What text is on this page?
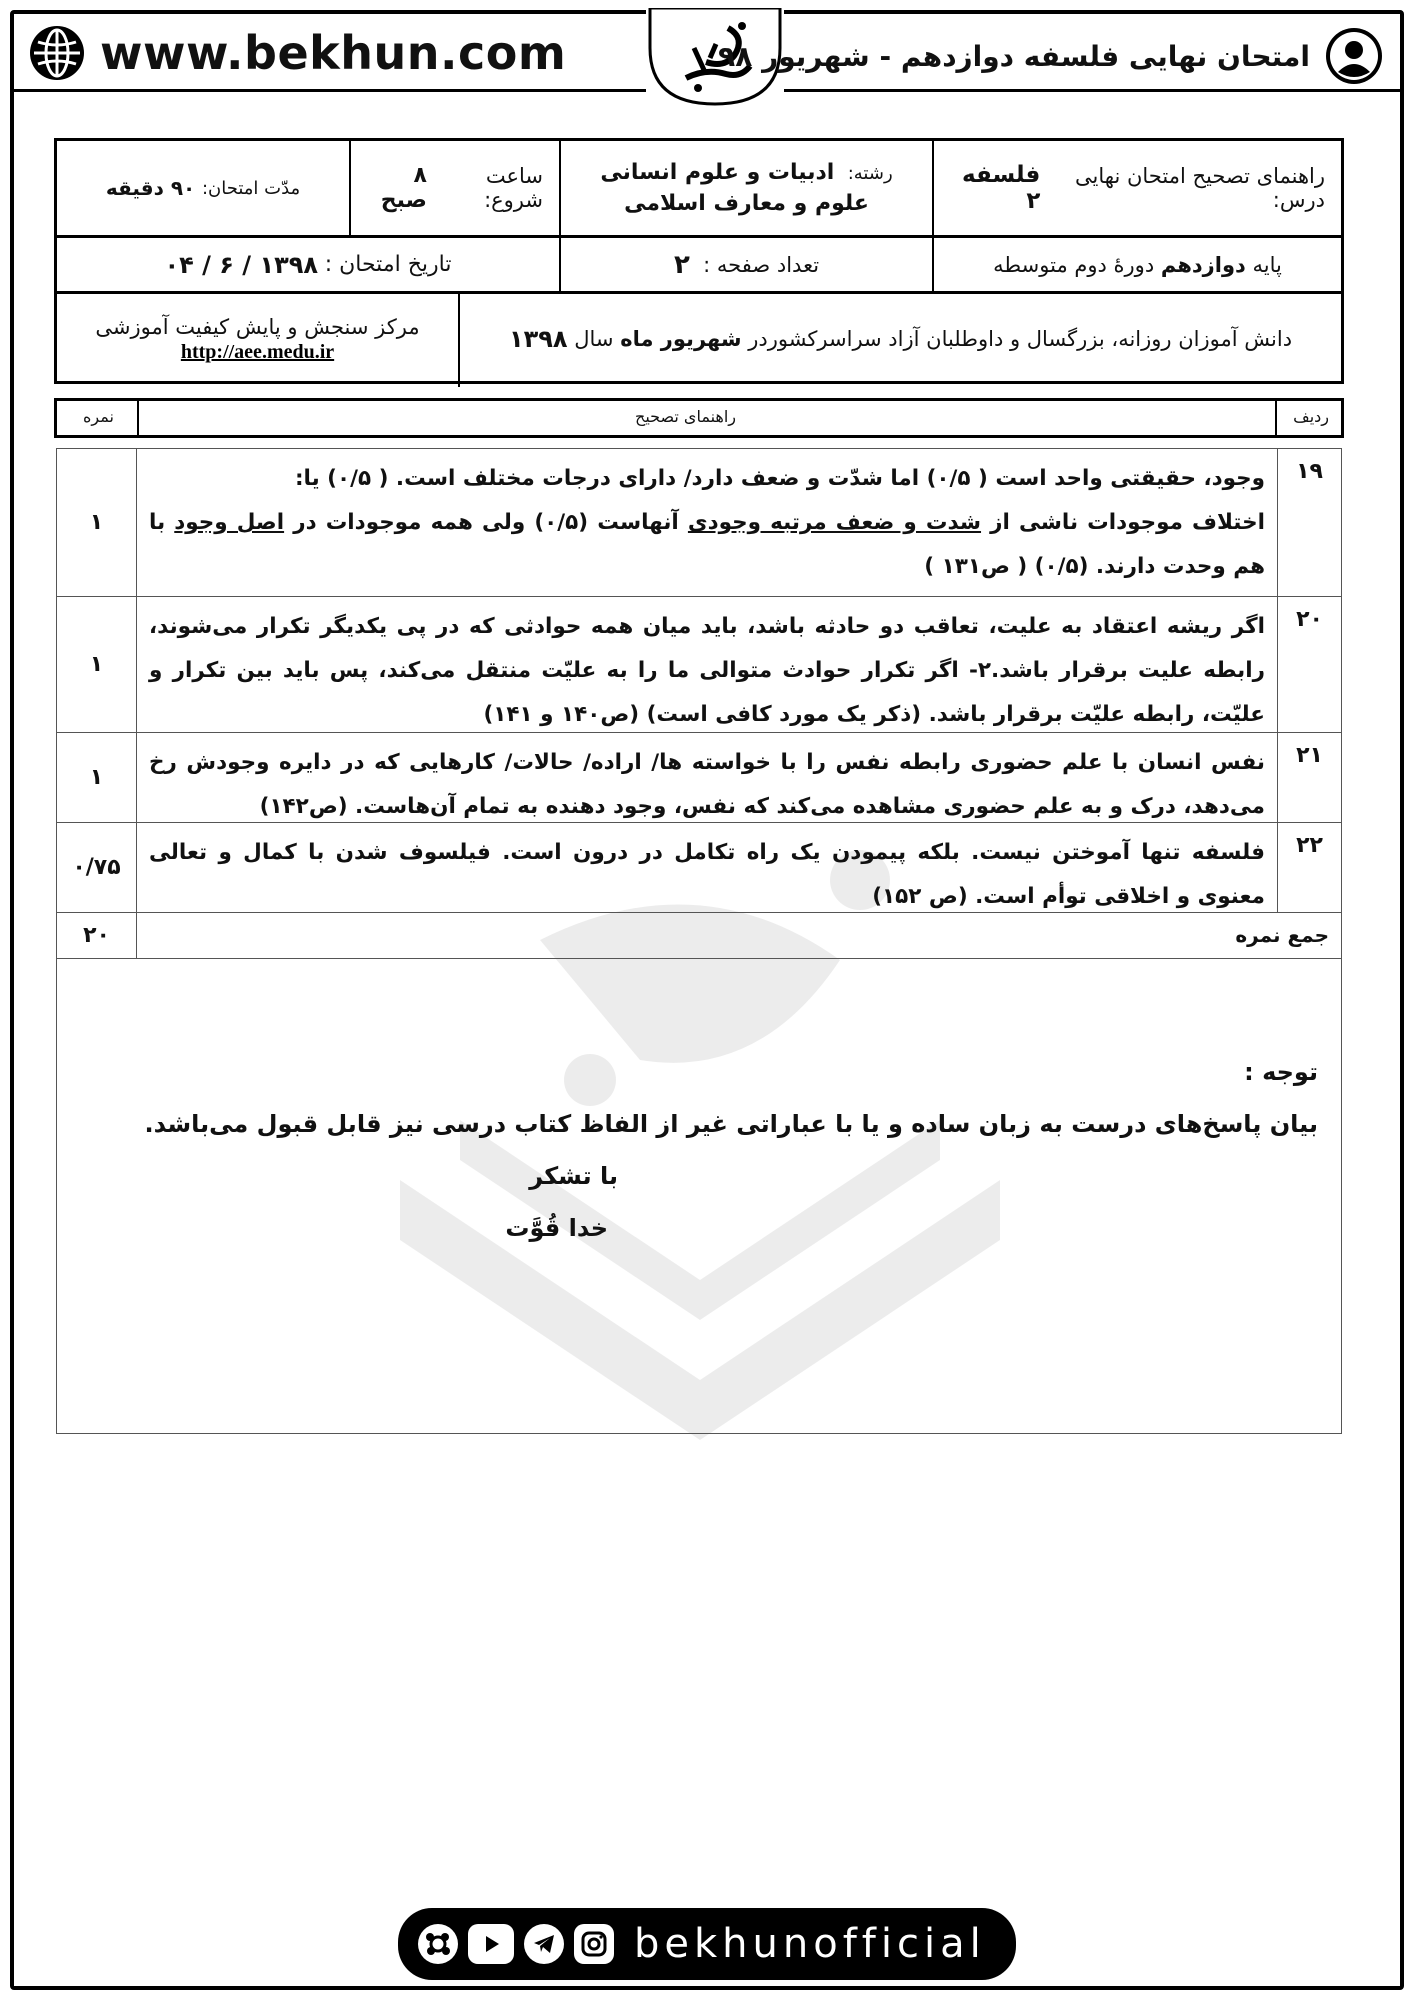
www.bekhun.com	امتحان نهایی فلسفه دوازدهم - شهریور ۹۸
راهنمای تصحیح امتحان نهایی درس:

فلسفه ۲
رشته:  ادبیات و علوم انسانی
علوم و معارف اسلامی
ساعت شروع:

۸ صبح
مدّت امتحان:

۹۰ دقیقه
پایه

دوازدهم

دورهٔ دوم متوسطه
تعداد صفحه :

۲
تاریخ امتحان :

۱۳۹۸ / ۶ / ۰۴
دانش آموزان روزانه، بزرگسال و داوطلبان آزاد سراسرکشوردر

شهریور ماه

سال

۱۳۹۸
مرکز سنجش و پایش کیفیت آموزشی
http://aee.medu.ir
ردیف
راهنمای تصحیح
نمره
۱۹
وجود، حقیقتی واحد است ( ۰/۵) اما شدّت و ضعف دارد/ دارای درجات مختلف است. ( ۰/۵) یا:
اختلاف موجودات ناشی از شدت و ضعف مرتبه وجودی آنهاست (۰/۵) ولی همه موجودات در اصل وجود با هم وحدت دارند. (۰/۵) ( ص۱۳۱ )
۱
۲۰
اگر ریشه اعتقاد به علیت، تعاقب دو حادثه باشد، باید میان همه حوادثی که در پی یکدیگر تکرار می‌شوند، رابطه علیت برقرار باشد.۲- اگر تکرار حوادث متوالی ما را به علیّت منتقل می‌کند، پس باید بین تکرار و علیّت، رابطه علیّت برقرار باشد. (ذکر یک مورد کافی است) (ص۱۴۰ و ۱۴۱)
۱
۲۱
نفس انسان با علم حضوری رابطه نفس را با خواسته ها/ اراده/ حالات/ کارهایی که در دایره وجودش رخ می‌دهد، درک و به علم حضوری مشاهده می‌کند که نفس، وجود دهنده به تمام آن‌هاست. (ص۱۴۲)
۱
۲۲
فلسفه تنها آموختن نیست. بلکه پیمودن یک راه تکامل در درون است. فیلسوف شدن با کمال و تعالی معنوی و اخلاقی توأم است. (ص ۱۵۲)
۰/۷۵
جمع نمره
۲۰
توجه :
بیان پاسخ‌های درست به زبان ساده و یا با عباراتی غیر از الفاظ کتاب درسی نیز قابل قبول می‌باشد.
با تشکر
خدا قُوَّت
bekhunofficial
